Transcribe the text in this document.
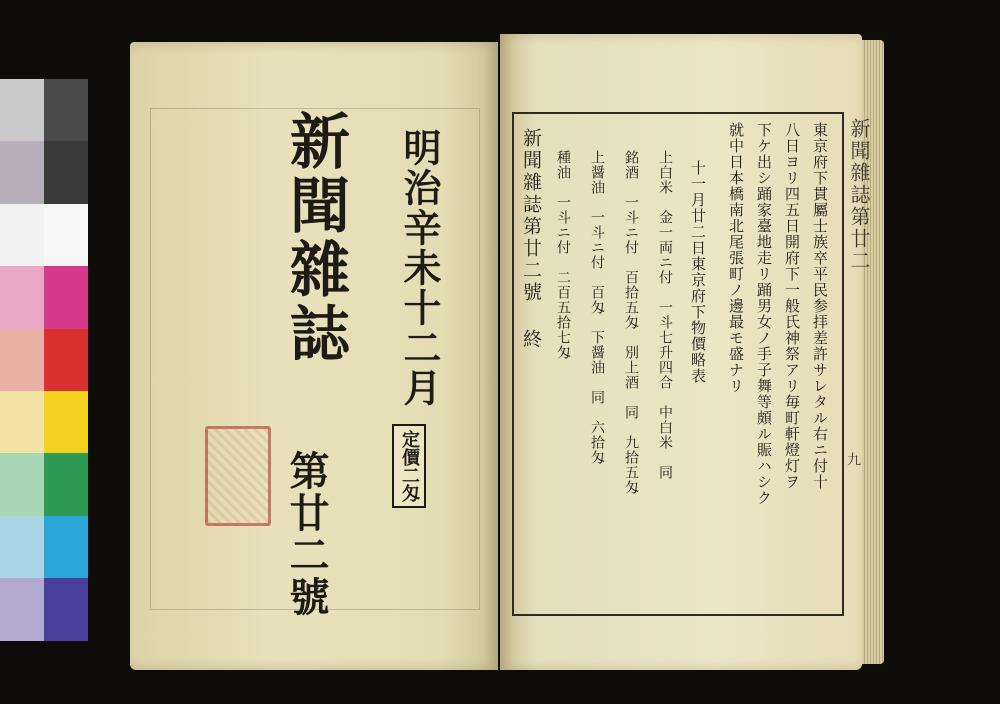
新聞雜誌 明治辛未十二月
定價二匁
第廿二號
新聞雜誌第廿二
九
東京府下貫屬士族卒平民参拝差許サレタル右ニ付十
八日ヨリ四五日開府下一般氏神祭アリ毎町軒燈灯ヲ
下ケ出シ踊家臺地走リ踊男女ノ手子舞等頗ル賑ハシク
就中日本橋南北尾張町ノ邊最モ盛ナリ
十一月廿二日東京府下物價略表
上白米　金一両ニ付　一斗七升四合　中白米　同
銘酒　一斗ニ付　百拾五匁　別上酒　同　九拾五匁
上醤油　一斗ニ付　百匁　下醤油　同　六拾匁
種油　一斗ニ付　二百五拾七匁
新聞雜誌第廿二號 終
